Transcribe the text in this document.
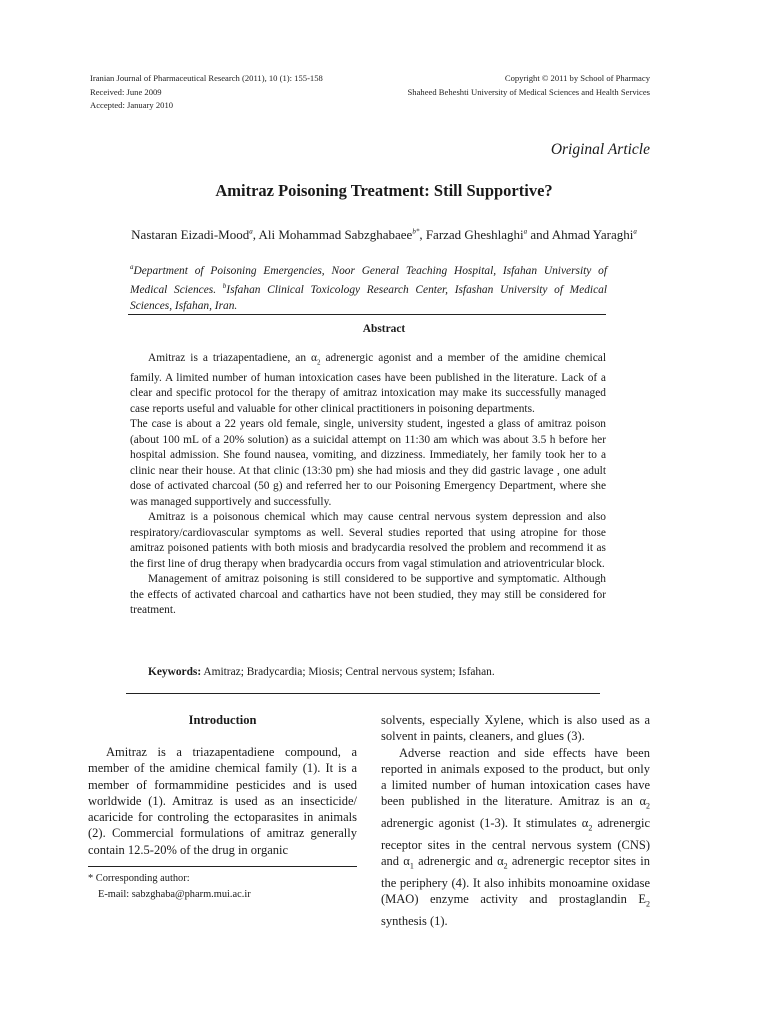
Iranian Journal of Pharmaceutical Research (2011), 10 (1): 155-158
Received: June 2009
Accepted: January 2010
Copyright © 2011 by School of Pharmacy
Shaheed Beheshti University of Medical Sciences and Health Services
Original Article
Amitraz Poisoning Treatment: Still Supportive?
Nastaran Eizadi-Mood$^a$, Ali Mohammad Sabzghabaee$^{b*}$, Farzad Gheshlaghi$^a$ and Ahmad Yaraghi$^a$
$^a$Department of Poisoning Emergencies, Noor General Teaching Hospital, Isfahan University of Medical Sciences. $^b$Isfahan Clinical Toxicology Research Center, Isfashan University of Medical Sciences, Isfahan, Iran.
Abstract

Amitraz is a triazapentadiene, an $\alpha_2$ adrenergic agonist and a member of the amidine chemical family. A limited number of human intoxication cases have been published in the literature. Lack of a clear and specific protocol for the therapy of amitraz intoxication may make its successfully managed case reports useful and valuable for other clinical practitioners in poisoning departments.

The case is about a 22 years old female, single, university student, ingested a glass of amitraz poison (about 100 mL of a 20% solution) as a suicidal attempt on 11:30 am which was about 3.5 h before her hospital admission. She found nausea, vomiting, and dizziness. Immediately, her family took her to a clinic near their house. At that clinic (13:30 pm) she had miosis and they did gastric lavage , one adult dose of activated charcoal (50 g) and referred her to our Poisoning Emergency Department, where she was managed supportively and successfully.

Amitraz is a poisonous chemical which may cause central nervous system depression and also respiratory/cardiovascular symptoms as well. Several studies reported that using atropine for those amitraz poisoned patients with both miosis and bradycardia resolved the problem and recommend it as the first line of drug therapy when bradycardia occurs from vagal stimulation and atrioventricular block.

Management of amitraz poisoning is still considered to be supportive and symptomatic. Although the effects of activated charcoal and cathartics have not been studied, they may still be considered for treatment.

Keywords: Amitraz; Bradycardia; Miosis; Central nervous system; Isfahan.
Introduction

Amitraz is a triazapentadiene compound, a member of the amidine chemical family (1). It is a member of formammidine pesticides and is used worldwide (1). Amitraz is used as an insecticide/ acaricide for controling the ectoparasites in animals (2). Commercial formulations of amitraz generally contain 12.5-20% of the drug in organic

* Corresponding author:
E-mail: sabzghaba@pharm.mui.ac.ir

solvents, especially Xylene, which is also used as a solvent in paints, cleaners, and glues (3).

Adverse reaction and side effects have been reported in animals exposed to the product, but only a limited number of human intoxication cases have been published in the literature. Amitraz is an $\alpha_2$ adrenergic agonist (1-3). It stimulates $\alpha_2$ adrenergic receptor sites in the central nervous system (CNS) and $\alpha_1$ adrenergic and $\alpha_2$ adrenergic receptor sites in the periphery (4). It also inhibits monoamine oxidase (MAO) enzyme activity and prostaglandin $E_2$ synthesis (1).
